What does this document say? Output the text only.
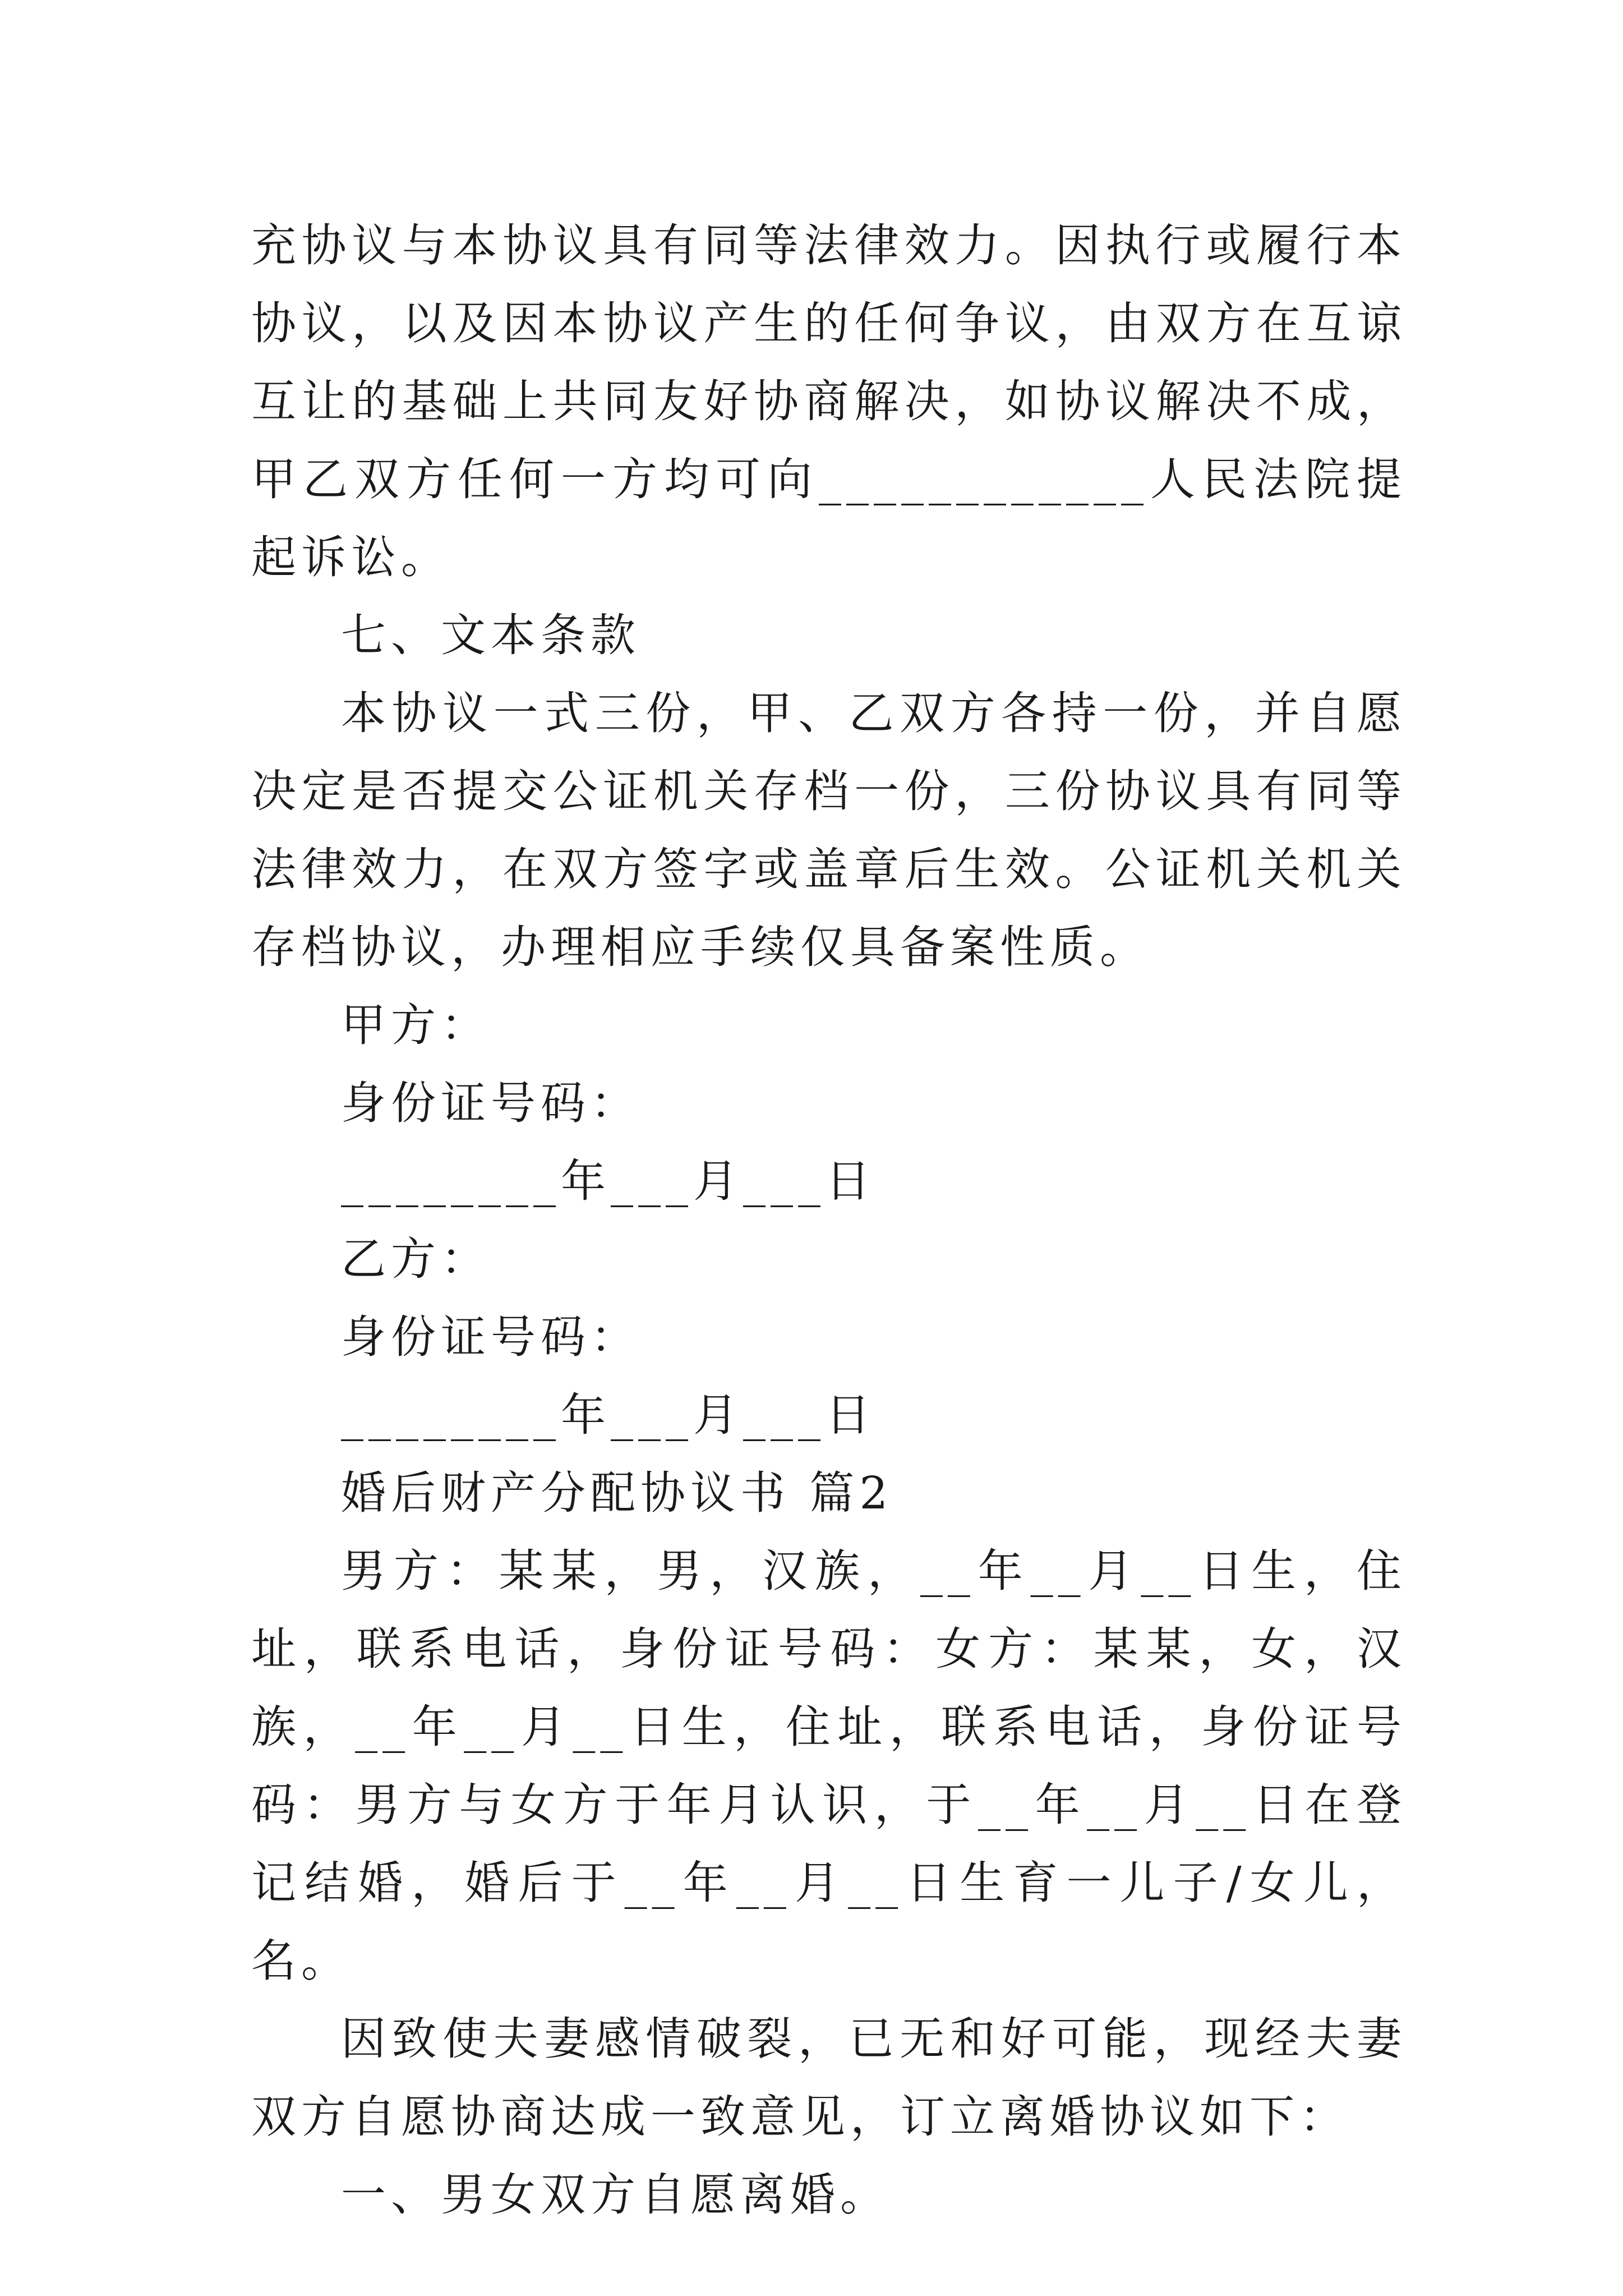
充协议与本协议具有同等法律效力。因执行或履行本协议，以及因本协议产生的任何争议，由双方在互谅互让的基础上共同友好协商解决，如协议解决不成，甲乙双方任何一方均可向____________人民法院提起诉讼。

七、文本条款

本协议一式三份，甲、乙双方各持一份，并自愿决定是否提交公证机关存档一份，三份协议具有同等法律效力，在双方签字或盖章后生效。公证机关机关存档协议，办理相应手续仅具备案性质。

甲方：

身份证号码：

________年___月___日

乙方：

身份证号码：

________年___月___日

婚后财产分配协议书 篇2

男方：某某，男，汉族，__年__月__日生，住址，联系电话，身份证号码：女方：某某，女，汉族，__年__月__日生，住址，联系电话，身份证号码：男方与女方于年月认识，于__年__月__日在登记结婚，婚后于__年__月__日生育一儿子/女儿，名。

因致使夫妻感情破裂，已无和好可能，现经夫妻双方自愿协商达成一致意见，订立离婚协议如下：

一、男女双方自愿离婚。
